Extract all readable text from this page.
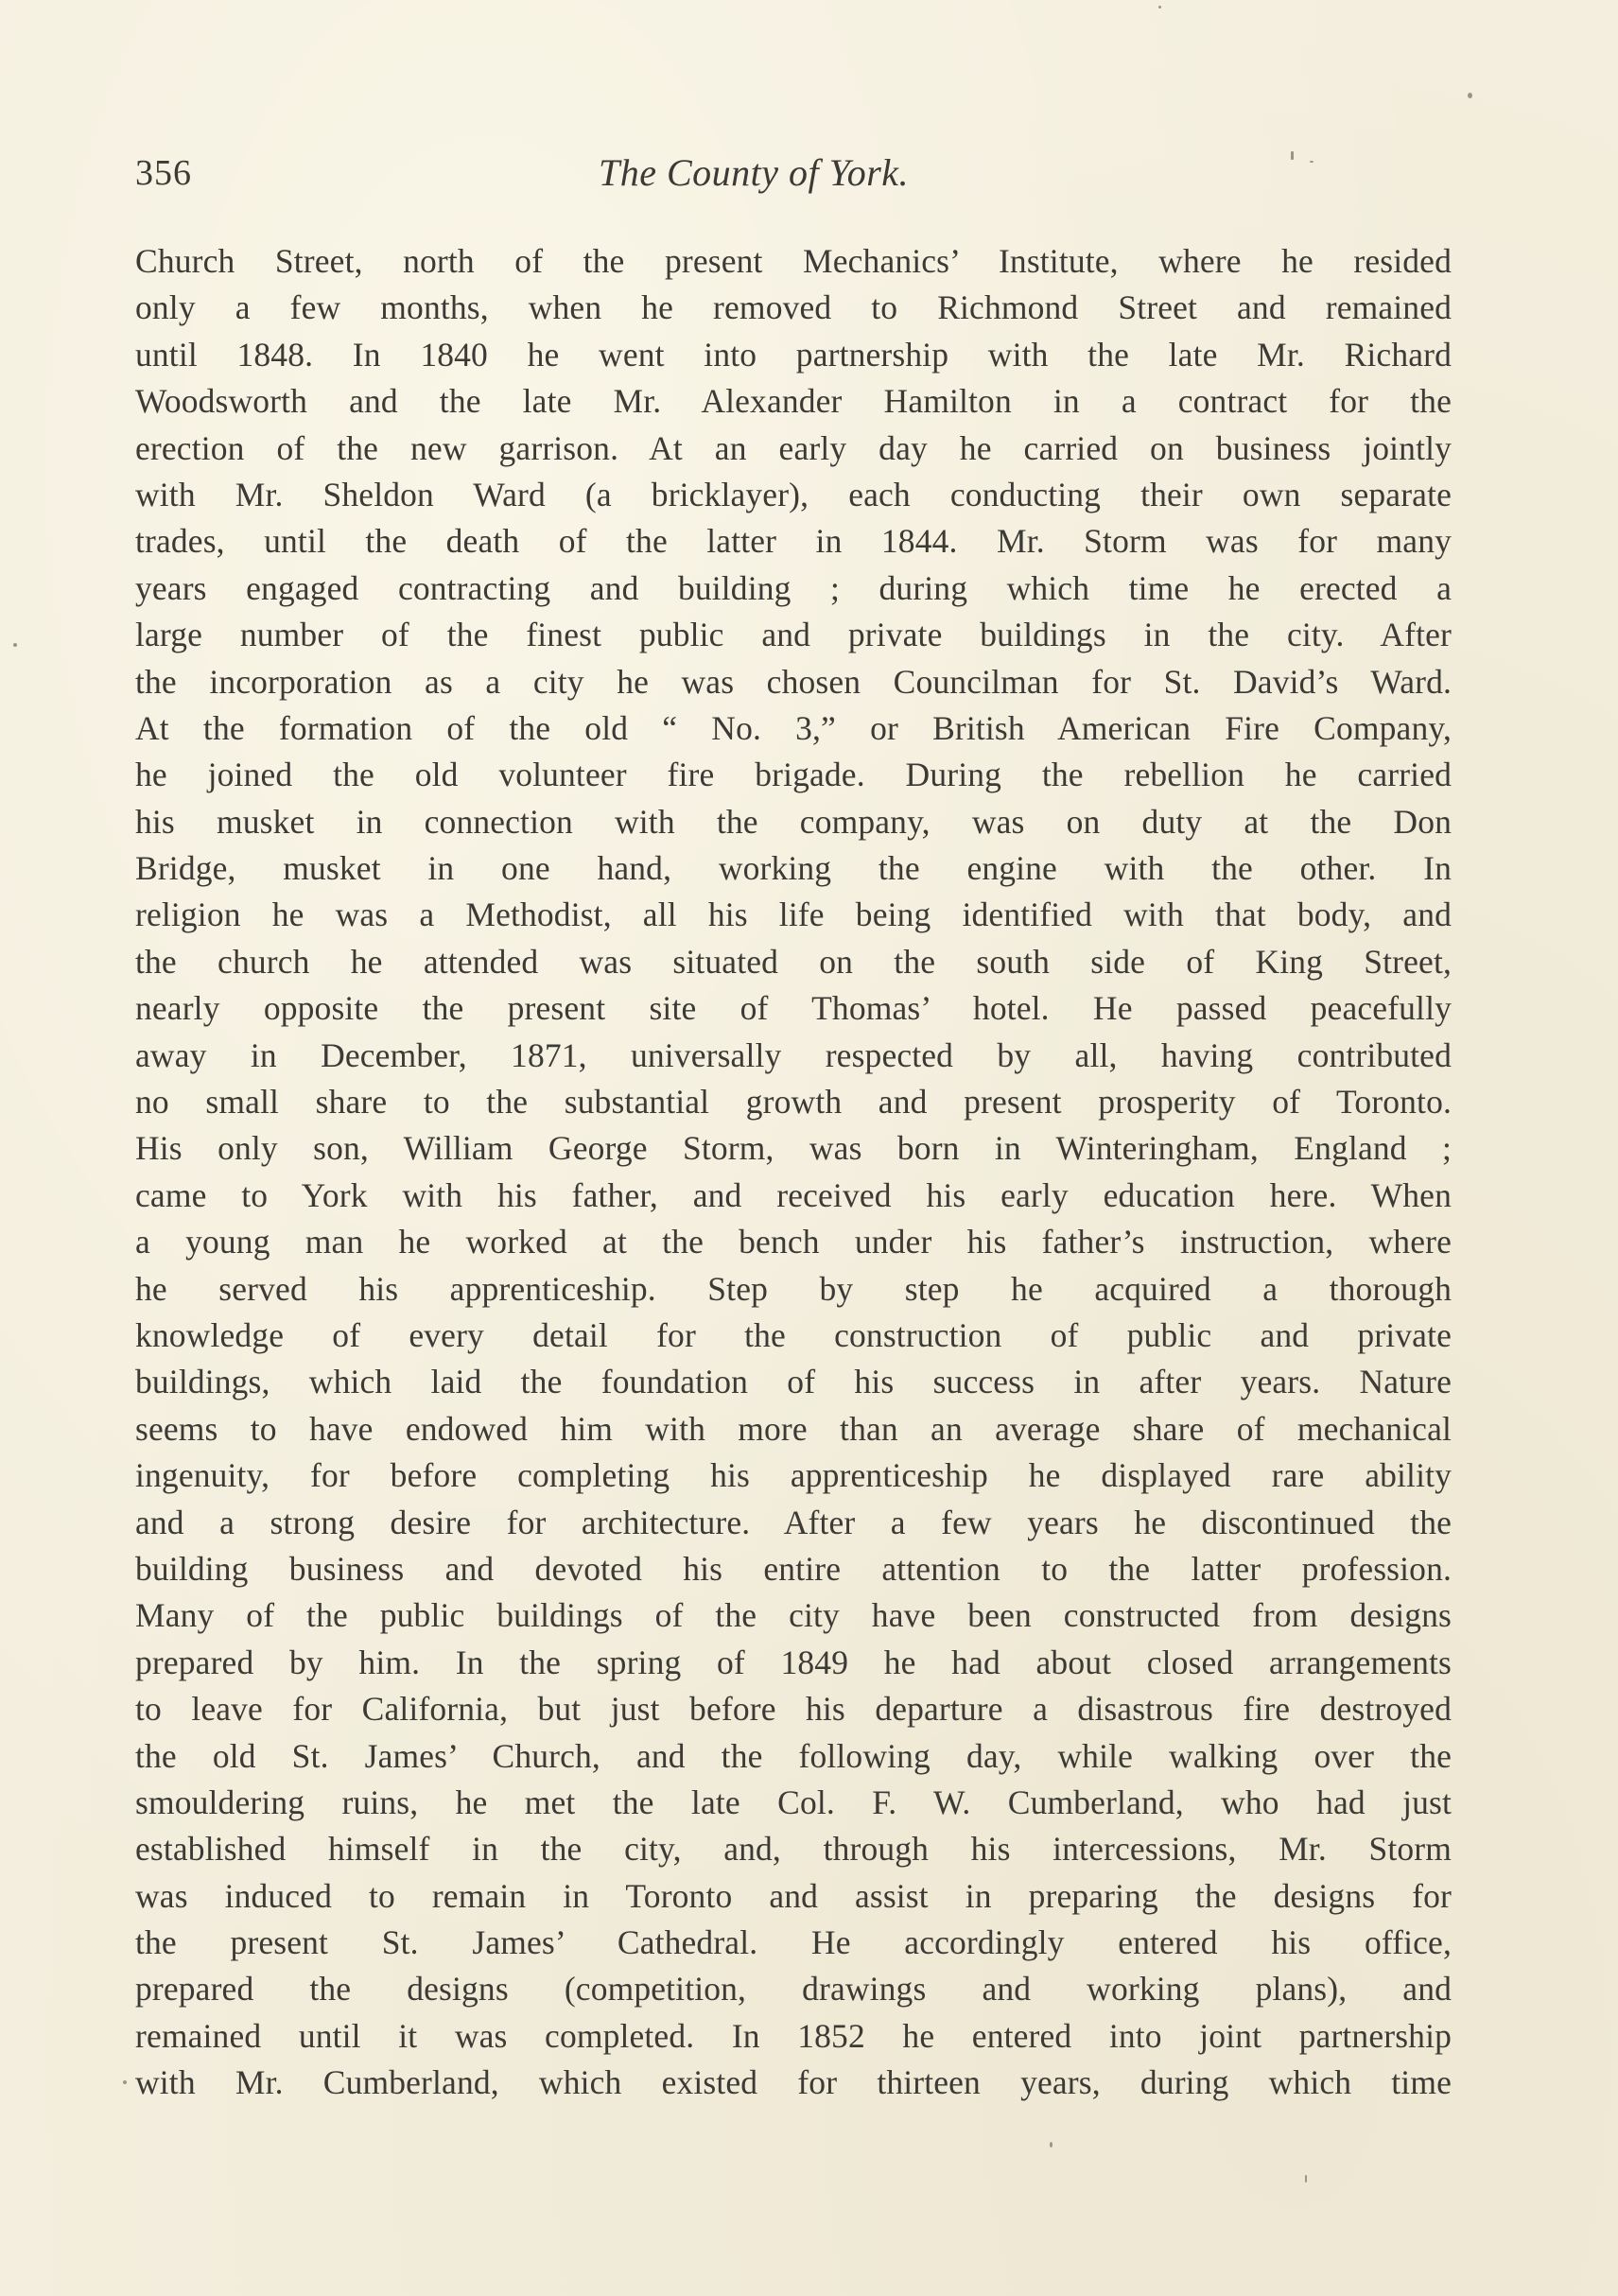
356	The County of York.
Church Street, north of the present Mechanics’ Institute, where he resided
only a few months, when he removed to Richmond Street and remained
until 1848. In 1840 he went into partnership with the late Mr. Richard
Woodsworth and the late Mr. Alexander Hamilton in a contract for the
erection of the new garrison. At an early day he carried on business jointly
with Mr. Sheldon Ward (a bricklayer), each conducting their own separate
trades, until the death of the latter in 1844. Mr. Storm was for many
years engaged contracting and building ; during which time he erected a
large number of the finest public and private buildings in the city. After
the incorporation as a city he was chosen Councilman for St. David’s Ward.
At the formation of the old “ No. 3,” or British American Fire Company,
he joined the old volunteer fire brigade. During the rebellion he carried
his musket in connection with the company, was on duty at the Don
Bridge, musket in one hand, working the engine with the other. In
religion he was a Methodist, all his life being identified with that body, and
the church he attended was situated on the south side of King Street,
nearly opposite the present site of Thomas’ hotel. He passed peacefully
away in December, 1871, universally respected by all, having contributed
no small share to the substantial growth and present prosperity of Toronto.
His only son, William George Storm, was born in Winteringham, England ;
came to York with his father, and received his early education here. When
a young man he worked at the bench under his father’s instruction, where
he served his apprenticeship. Step by step he acquired a thorough
knowledge of every detail for the construction of public and private
buildings, which laid the foundation of his success in after years. Nature
seems to have endowed him with more than an average share of mechanical
ingenuity, for before completing his apprenticeship he displayed rare ability
and a strong desire for architecture. After a few years he discontinued the
building business and devoted his entire attention to the latter profession.
Many of the public buildings of the city have been constructed from designs
prepared by him. In the spring of 1849 he had about closed arrangements
to leave for California, but just before his departure a disastrous fire destroyed
the old St. James’ Church, and the following day, while walking over the
smouldering ruins, he met the late Col. F. W. Cumberland, who had just
established himself in the city, and, through his intercessions, Mr. Storm
was induced to remain in Toronto and assist in preparing the designs for
the present St. James’ Cathedral. He accordingly entered his office,
prepared the designs (competition, drawings and working plans), and
remained until it was completed. In 1852 he entered into joint partnership
with Mr. Cumberland, which existed for thirteen years, during which time
